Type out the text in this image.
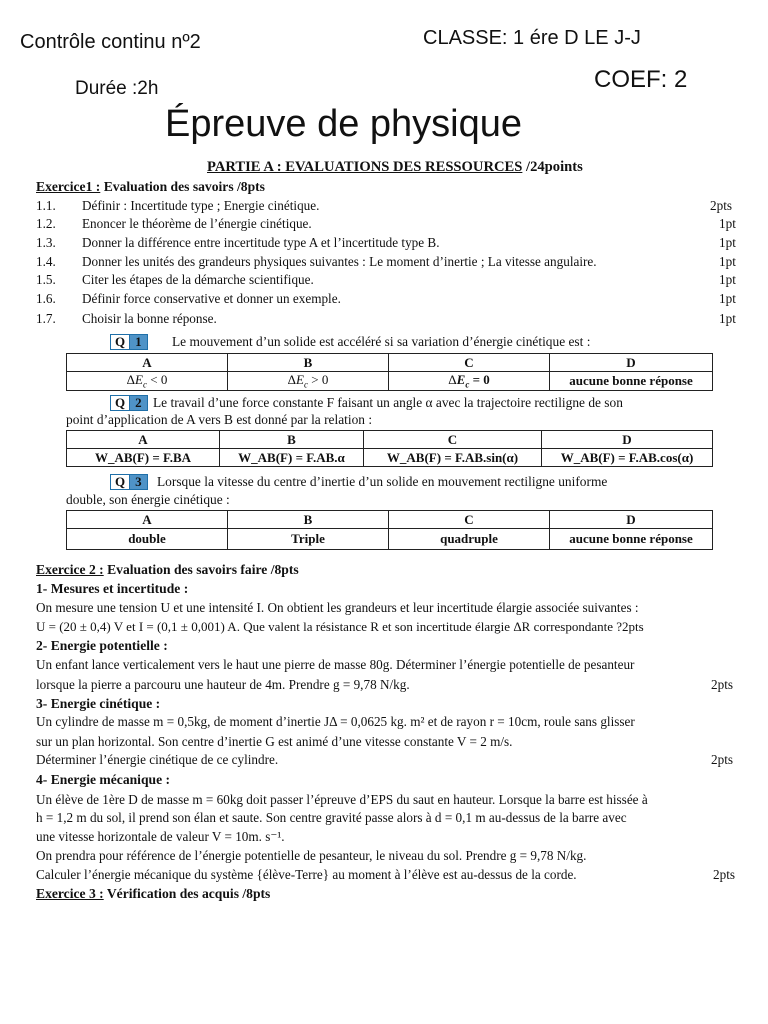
Contrôle continu nº2	CLASSE: 1 ére D LE J-J
Durée :2h	COEF: 2
Épreuve de physique
PARTIE A : EVALUATIONS DES RESSOURCES /24points
Exercice1 : Evaluation des savoirs /8pts
1.1. Définir : Incertitude type ; Energie cinétique.	2pts
1.2. Enoncer le théorème de l’énergie cinétique.	1pt
1.3. Donner la différence entre incertitude type A et l’incertitude type B.	1pt
1.4. Donner les unités des grandeurs physiques suivantes : Le moment d’inertie ; La vitesse angulaire.	1pt
1.5. Citer les étapes de la démarche scientifique.	1pt
1.6. Définir force conservative et donner un exemple.	1pt
1.7. Choisir la bonne réponse.	1pt
Q 1	Le mouvement d’un solide est accéléré si sa variation d’énergie cinétique est :
A	B	C	D
$\Delta E_c < 0$	$\Delta E_c > 0$	$\Delta E_c = 0$	aucune bonne réponse
Q 2 Le travail d’une force constante F faisant un angle α avec la trajectoire rectiligne de son
point d’application de A vers B est donné par la relation :
A	B	C	D
W_AB(F) = F.BA	W_AB(F) = F.AB.α	W_AB(F) = F.AB.sin(α)	W_AB(F) = F.AB.cos(α)
Q 3	Lorsque la vitesse du centre d’inertie d’un solide en mouvement rectiligne uniforme
double, son énergie cinétique :
A	B	C	D
double	Triple	quadruple	aucune bonne réponse
Exercice 2 : Evaluation des savoirs faire /8pts
1- Mesures et incertitude :
On mesure une tension U et une intensité I. On obtient les grandeurs et leur incertitude élargie associée suivantes :
U = (20 ± 0,4) V et I = (0,1 ± 0,001) A. Que valent la résistance R et son incertitude élargie ΔR correspondante ?2pts
2- Energie potentielle :
Un enfant lance verticalement vers le haut une pierre de masse 80g. Déterminer l’énergie potentielle de pesanteur
lorsque la pierre a parcouru une hauteur de 4m. Prendre g = 9,78 N/kg.	2pts
3- Energie cinétique :
Un cylindre de masse m = 0,5kg, de moment d’inertie JΔ = 0,0625 kg. m² et de rayon r = 10cm, roule sans glisser
sur un plan horizontal. Son centre d’inertie G est animé d’une vitesse constante V = 2 m/s.
Déterminer l’énergie cinétique de ce cylindre.	2pts
4- Energie mécanique :
Un élève de 1ère D de masse m = 60kg doit passer l’épreuve d’EPS du saut en hauteur. Lorsque la barre est hissée à
h = 1,2 m du sol, il prend son élan et saute. Son centre gravité passe alors à d = 0,1 m au-dessus de la barre avec
une vitesse horizontale de valeur V = 10m. s⁻¹.
On prendra pour référence de l’énergie potentielle de pesanteur, le niveau du sol. Prendre g = 9,78 N/kg.
Calculer l’énergie mécanique du système {élève-Terre} au moment à l’élève est au-dessus de la corde.	2pts
Exercice 3 : Vérification des acquis /8pts
